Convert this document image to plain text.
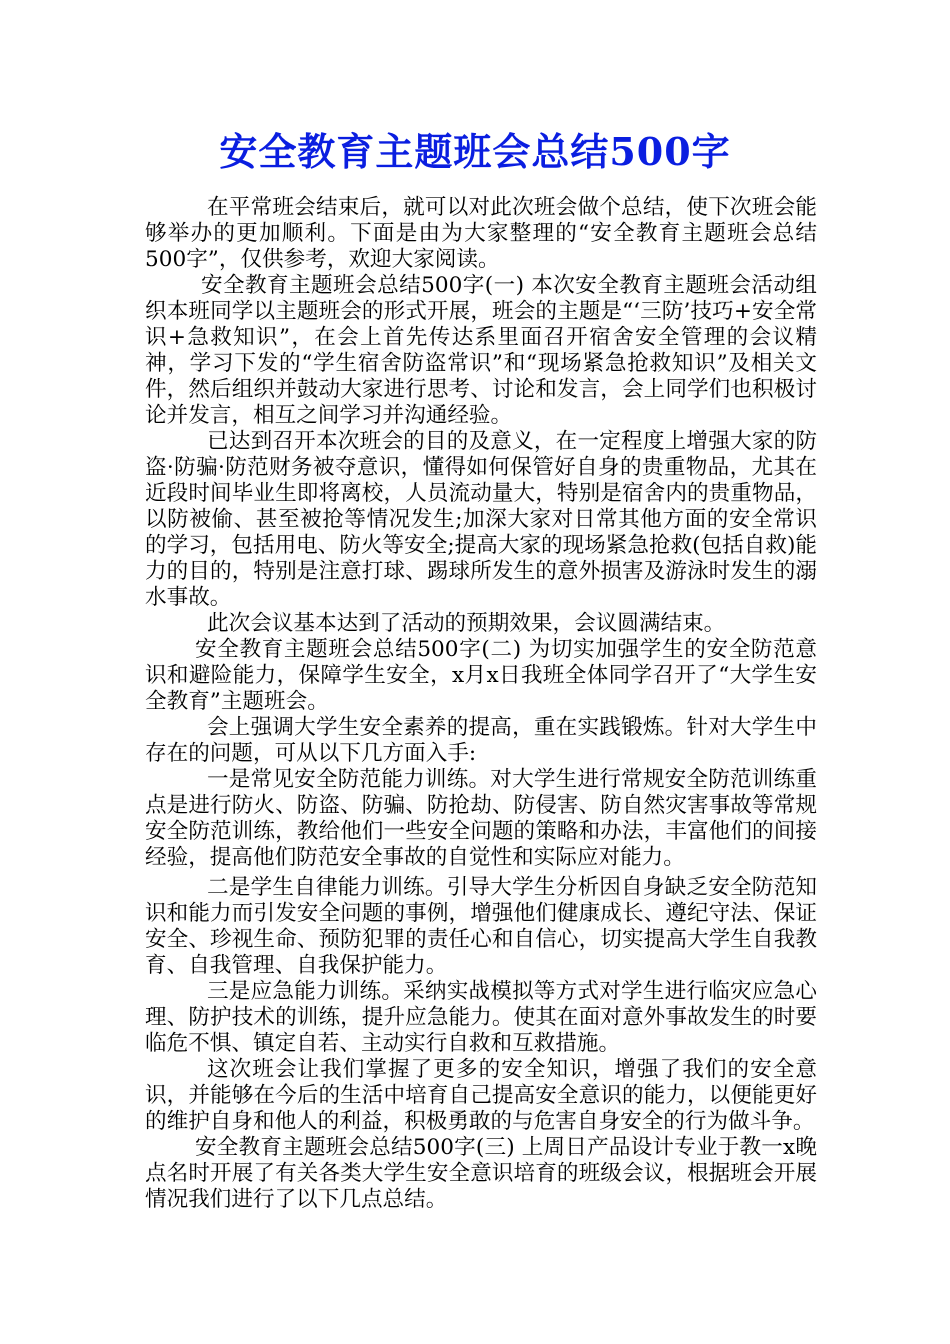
安全教育主题班会总结500字

在平常班会结束后，就可以对此次班会做个总结，使下次班会能够举办的更加顺利。下面是由为大家整理的“安全教育主题班会总结500字”，仅供参考，欢迎大家阅读。

安全教育主题班会总结500字(一) 本次安全教育主题班会活动组织本班同学以主题班会的形式开展，班会的主题是“‘三防’技巧+安全常识+急救知识”，在会上首先传达系里面召开宿舍安全管理的会议精神，学习下发的“学生宿舍防盗常识”和“现场紧急抢救知识”及相关文件，然后组织并鼓动大家进行思考、讨论和发言，会上同学们也积极讨论并发言，相互之间学习并沟通经验。

已达到召开本次班会的目的及意义，在一定程度上增强大家的防盗·防骗·防范财务被夺意识，懂得如何保管好自身的贵重物品，尤其在近段时间毕业生即将离校，人员流动量大，特别是宿舍内的贵重物品，以防被偷、甚至被抢等情况发生;加深大家对日常其他方面的安全常识的学习，包括用电、防火等安全;提高大家的现场紧急抢救(包括自救)能力的目的，特别是注意打球、踢球所发生的意外损害及游泳时发生的溺水事故。

此次会议基本达到了活动的预期效果，会议圆满结束。

安全教育主题班会总结500字(二) 为切实加强学生的安全防范意识和避险能力，保障学生安全，x月x日我班全体同学召开了“大学生安全教育”主题班会。

会上强调大学生安全素养的提高，重在实践锻炼。针对大学生中存在的问题，可从以下几方面入手:

一是常见安全防范能力训练。对大学生进行常规安全防范训练重点是进行防火、防盗、防骗、防抢劫、防侵害、防自然灾害事故等常规安全防范训练，教给他们一些安全问题的策略和办法，丰富他们的间接经验，提高他们防范安全事故的自觉性和实际应对能力。

二是学生自律能力训练。引导大学生分析因自身缺乏安全防范知识和能力而引发安全问题的事例，增强他们健康成长、遵纪守法、保证安全、珍视生命、预防犯罪的责任心和自信心，切实提高大学生自我教育、自我管理、自我保护能力。

三是应急能力训练。采纳实战模拟等方式对学生进行临灾应急心理、防护技术的训练，提升应急能力。使其在面对意外事故发生的时要临危不惧、镇定自若、主动实行自救和互救措施。

这次班会让我们掌握了更多的安全知识，增强了我们的安全意识，并能够在今后的生活中培育自己提高安全意识的能力，以便能更好的维护自身和他人的利益，积极勇敢的与危害自身安全的行为做斗争。

安全教育主题班会总结500字(三) 上周日产品设计专业于教一x晚点名时开展了有关各类大学生安全意识培育的班级会议，根据班会开展情况我们进行了以下几点总结。
